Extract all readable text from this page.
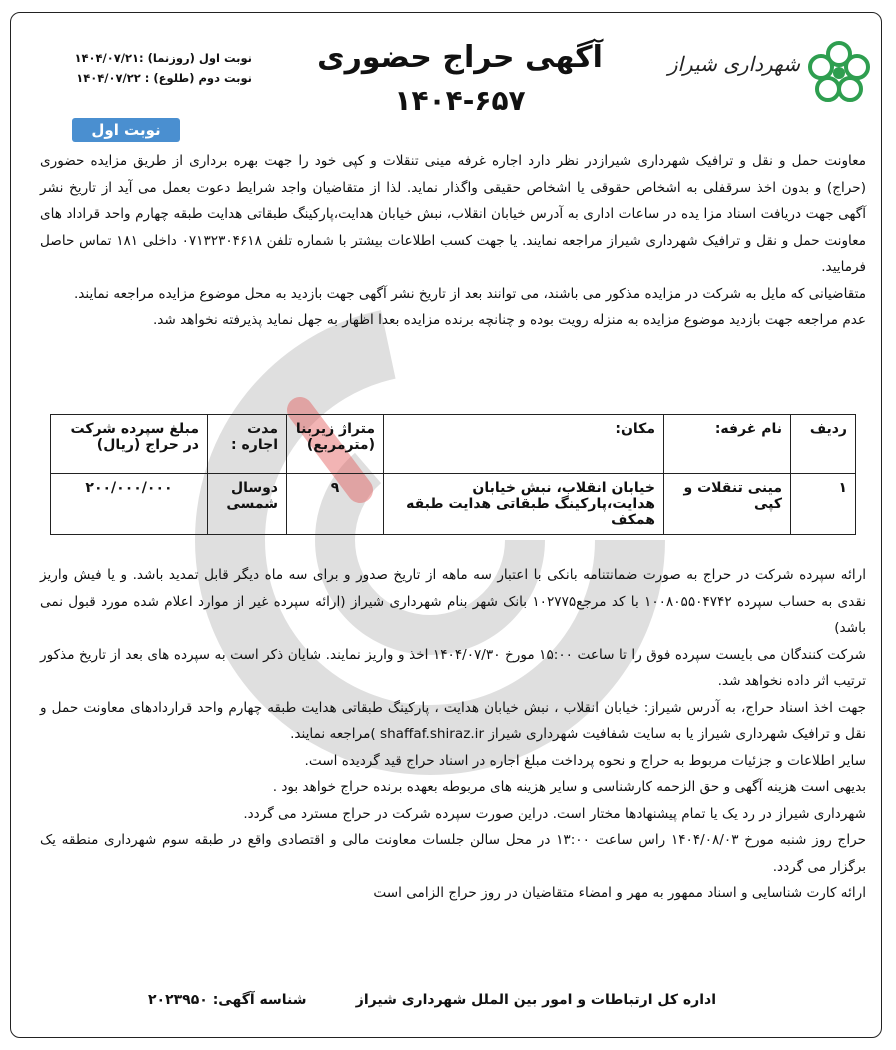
شهرداری شیراز
آگهی حراج حضوری
۱۴۰۴-۶۵۷
نوبت اول (روزنما) :۱۴۰۴/۰۷/۲۱
نوبت دوم (طلوع) : ۱۴۰۴/۰۷/۲۲
نوبت اول
معاونت حمل و نقل و ترافیک شهرداری شیرازدر نظر دارد اجاره غرفه مینی تنقلات و کپی خود را جهت بهره برداری از طریق مزایده حضوری (حراج) و بدون اخذ سرقفلی به اشخاص حقوقی یا اشخاص حقیقی واگذار نماید. لذا از متقاضیان واجد شرایط دعوت بعمل می آید از تاریخ نشر آگهی جهت دریافت اسناد مزا یده در ساعات اداری به آدرس خیابان انقلاب، نبش خیابان هدایت،پارکینگ طبقاتی هدایت طبقه چهارم واحد قراداد های معاونت حمل و نقل و ترافیک شهرداری شیراز مراجعه نمایند. یا جهت کسب اطلاعات بیشتر با شماره تلفن ۰۷۱۳۲۳۰۴۶۱۸ داخلی ۱۸۱ تماس حاصل فرمایید.
متقاضیانی که مایل به شرکت در مزایده مذکور می باشند، می توانند بعد از تاریخ نشر آگهی جهت بازدید به محل موضوع مزایده مراجعه نمایند.
عدم مراجعه جهت بازدید موضوع مزایده به منزله رویت بوده و چنانچه برنده مزایده بعدا اظهار به جهل نماید پذیرفته نخواهد شد.
ردیف	نام غرفه:	مکان:	متراژ زیربنا (مترمربع)	مدت اجاره :	مبلغ سپرده شرکت در حراج (ریال)
۱	مینی تنقلات و کپی	خیابان انقلاب، نبش خیابان هدایت،پارکینگ طبقاتی هدایت طبقه همکف	۹	دوسال شمسی	۲۰۰/۰۰۰/۰۰۰
ارائه سپرده شرکت در حراج به صورت ضمانتنامه بانکی با اعتبار سه ماهه از تاریخ صدور و برای سه ماه دیگر قابل تمدید باشد. و یا فیش واریز نقدی به حساب سپرده ۱۰۰۸۰۵۵۰۴۷۴۲ با کد مرجع۱۰۲۷۷۵ بانک شهر بنام شهرداری شیراز (ارائه سپرده غیر از موارد اعلام شده مورد قبول نمی باشد)
شرکت کنندگان می بایست سپرده فوق را تا ساعت ۱۵:۰۰ مورخ ۱۴۰۴/۰۷/۳۰ اخذ و واریز نمایند. شایان ذکر است به سپرده های بعد از تاریخ مذکور ترتیب اثر داده نخواهد شد.
جهت اخذ اسناد حراج، به آدرس شیراز: خیابان انقلاب ، نبش خیابان هدایت ، پارکینگ طبقاتی هدایت طبقه چهارم واحد قراردادهای معاونت حمل و نقل و ترافیک شهرداری شیراز یا به سایت شفافیت شهرداری شیراز shaffaf.shiraz.ir )مراجعه نمایند.
سایر اطلاعات و جزئیات مربوط به حراج و نحوه پرداخت مبلغ اجاره در اسناد حراج قید گردیده است.
بدیهی است هزینه آگهی و حق الزحمه کارشناسی و سایر هزینه های مربوطه بعهده برنده حراج خواهد بود .
شهرداری شیراز در رد یک یا تمام پیشنهادها مختار است. دراین صورت سپرده شرکت در حراج مسترد می گردد.
حراج روز شنبه مورخ ۱۴۰۴/۰۸/۰۳ راس ساعت ۱۳:۰۰ در محل سالن جلسات معاونت مالی و اقتصادی واقع در طبقه سوم شهرداری منطقه یک برگزار می گردد.
ارائه کارت شناسایی و اسناد ممهور به مهر و امضاء متقاضیان در روز حراج الزامی است
اداره کل ارتباطات و امور بین الملل شهرداری شیراز
شناسه آگهی: ۲۰۲۳۹۵۰
